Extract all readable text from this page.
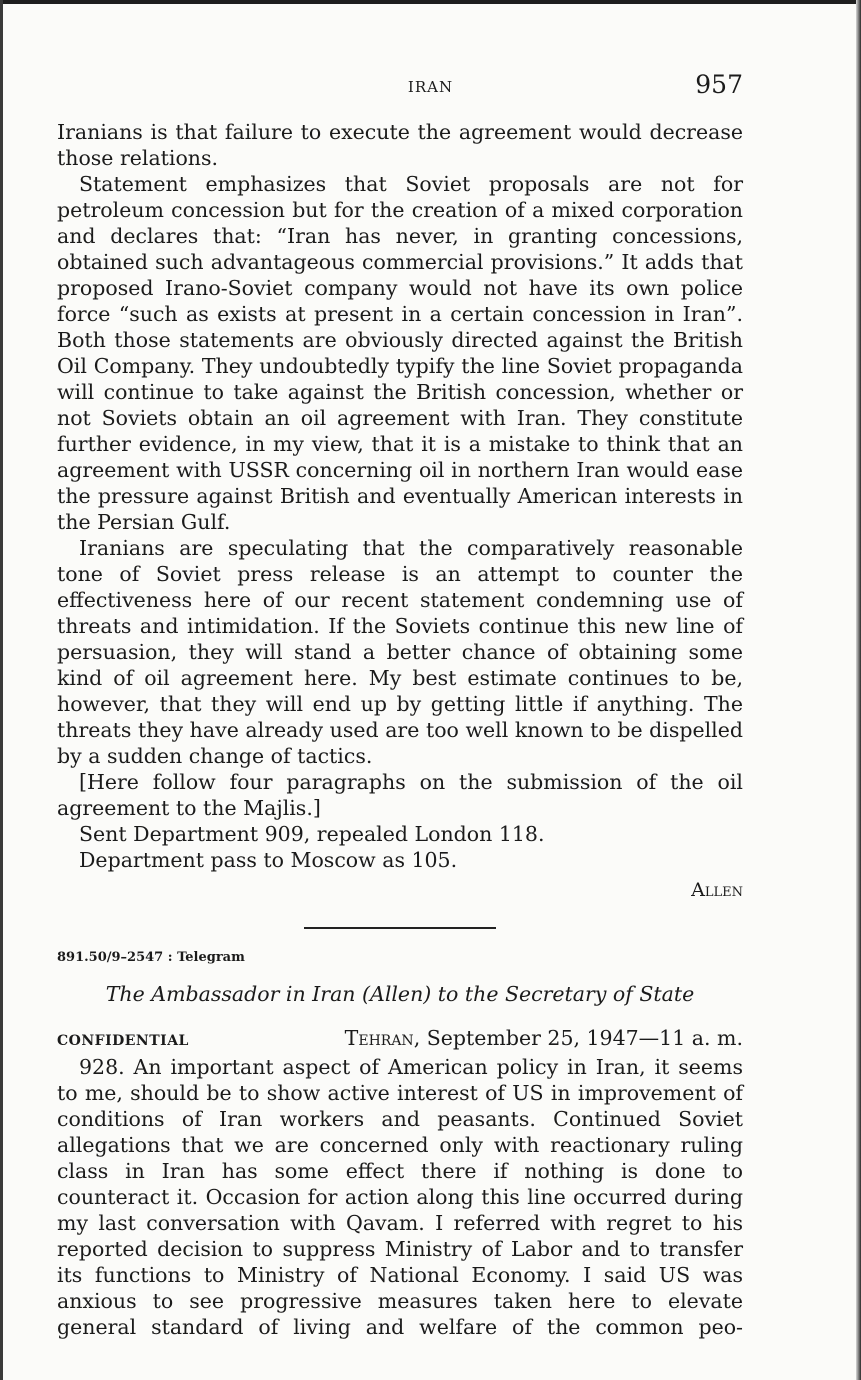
IRAN	957

Iranians is that failure to execute the agreement would decrease those relations.

Statement emphasizes that Soviet proposals are not for petroleum concession but for the creation of a mixed corporation and declares that: “Iran has never, in granting concessions, obtained such advantageous commercial provisions.” It adds that proposed Irano-Soviet company would not have its own police force “such as exists at present in a certain concession in Iran”. Both those statements are obviously directed against the British Oil Company. They undoubtedly typify the line Soviet propaganda will continue to take against the British concession, whether or not Soviets obtain an oil agreement with Iran. They constitute further evidence, in my view, that it is a mistake to think that an agreement with USSR concerning oil in northern Iran would ease the pressure against British and eventually American interests in the Persian Gulf.

Iranians are speculating that the comparatively reasonable tone of Soviet press release is an attempt to counter the effectiveness here of our recent statement condemning use of threats and intimidation. If the Soviets continue this new line of persuasion, they will stand a better chance of obtaining some kind of oil agreement here. My best estimate continues to be, however, that they will end up by getting little if anything. The threats they have already used are too well known to be dispelled by a sudden change of tactics.

[Here follow four paragraphs on the submission of the oil agreement to the Majlis.]

Sent Department 909, repealed London 118.

Department pass to Moscow as 105.

Allen
891.50/9–2547 : Telegram
The Ambassador in Iran (Allen) to the Secretary of State
CONFIDENTIAL	Tehran, September 25, 1947—11 a. m.

928. An important aspect of American policy in Iran, it seems to me, should be to show active interest of US in improvement of conditions of Iran workers and peasants. Continued Soviet allegations that we are concerned only with reactionary ruling class in Iran has some effect there if nothing is done to counteract it. Occasion for action along this line occurred during my last conversation with Qavam. I referred with regret to his reported decision to suppress Ministry of Labor and to transfer its functions to Ministry of National Economy. I said US was anxious to see progressive measures taken here to elevate general standard of living and welfare of the common peo-
